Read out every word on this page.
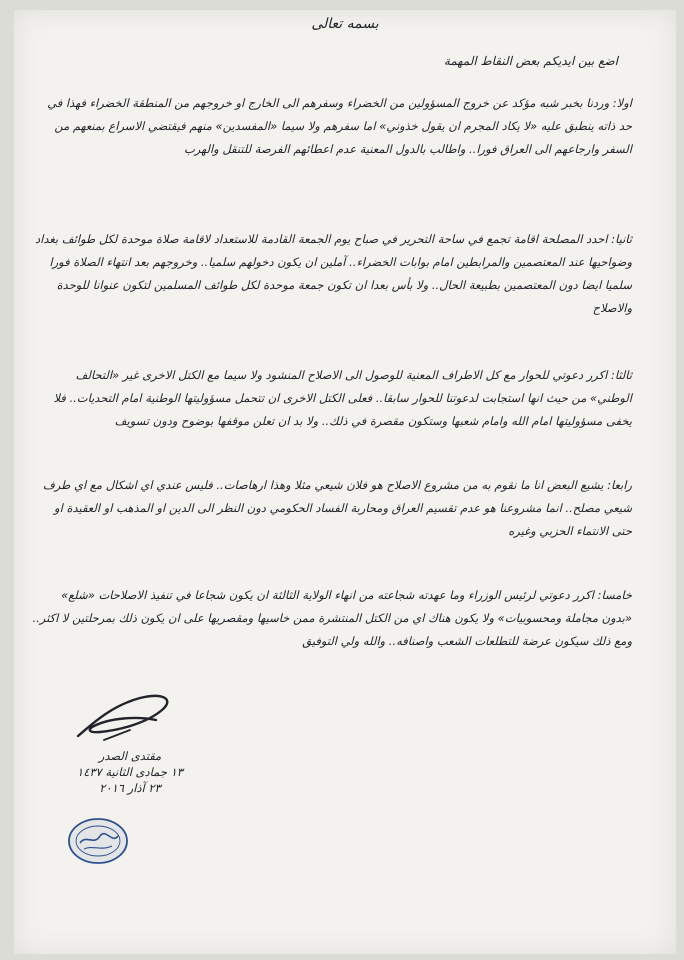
بسمه تعالى
اضع بين ايديكم بعض النقاط المهمة
اولا: وردنا بخبر شبه مؤكد عن خروج المسؤولين من الخضراء وسفرهم الى الخارج او خروجهم من المنطقة الخضراء فهذا في حد ذاته ينطبق عليه «لا يكاد المجرم ان يقول خذوني» اما سفرهم ولا سيما «المفسدين» منهم فيقتضي الاسراع بمنعهم من السفر وارجاعهم الى العراق فورا.. واطالب بالدول المعنية عدم اعطائهم الفرصة للتنقل والهرب
ثانيا: احدد المصلحة اقامة تجمع في ساحة التحرير في صباح يوم الجمعة القادمة للاستعداد لاقامة صلاة موحدة لكل طوائف بغداد وضواحيها عند المعتصمين والمرابطين امام بوابات الخضراء.. آملين ان يكون دخولهم سلميا.. وخروجهم بعد انتهاء الصلاة فورا سلميا ايضا دون المعتصمين بطبيعة الحال.. ولا بأس بعدا ان تكون جمعة موحدة لكل طوائف المسلمين لتكون عنوانا للوحدة والاصلاح
ثالثا: اكرر دعوتي للحوار مع كل الاطراف المعنية للوصول الى الاصلاح المنشود ولا سيما مع الكتل الاخرى غير «التحالف الوطني» من حيث انها استجابت لدعوتنا للحوار سابقا.. فعلى الكتل الاخرى ان تتحمل مسؤوليتها الوطنية امام التحديات.. فلا يخفى مسؤوليتها امام الله وامام شعبها وستكون مقصرة في ذلك.. ولا بد ان تعلن موقفها بوضوح ودون تسويف
رابعا: يشيع البعض انا ما نقوم به من مشروع الاصلاح هو فلان شيعي مثلا وهذا ارهاصات.. فليس عندي اي اشكال مع اي طرف شيعي مصلح.. انما مشروعنا هو عدم تقسيم العراق ومحاربة الفساد الحكومي دون النظر الى الدين او المذهب او العقيدة او حتى الانتماء الحزبي وغيره
خامسا: اكرر دعوتي لرئيس الوزراء وما عهدته شجاعته من انهاء الولاية الثالثة ان يكون شجاعا في تنفيذ الاصلاحات «شلع» «بدون مجاملة ومحسوبيات» ولا يكون هناك اي من الكتل المنتشرة ممن خاسيها ومقصريها على ان يكون ذلك بمرحلتين لا اكثر.. ومع ذلك سيكون عرضة للتطلعات الشعب واصنافه.. والله ولي التوفيق
مقتدى الصدر
١٣ جمادى الثانية ١٤٣٧
٢٣ آذار ٢٠١٦
